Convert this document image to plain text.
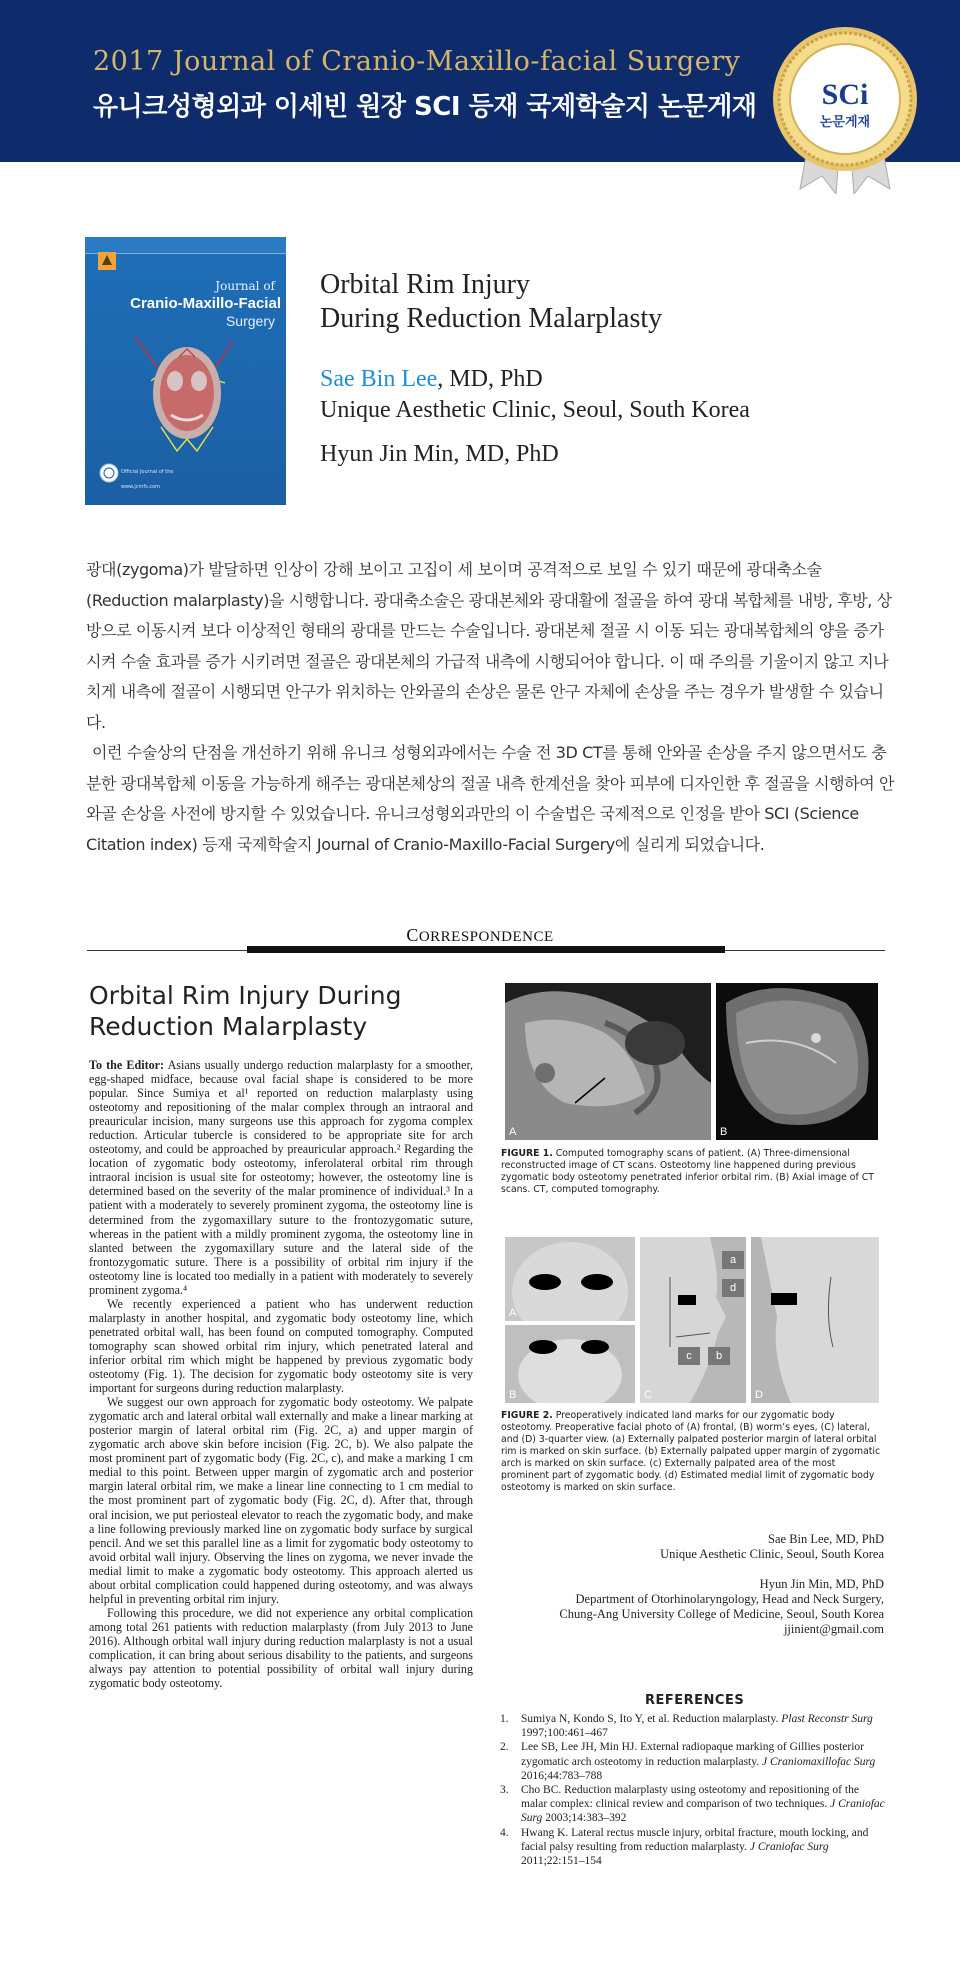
2017 Journal of Cranio-Maxillo-facial Surgery
유니크성형외과 이세빈 원장 SCI 등재 국제학술지 논문게재 SCi
논문게재
Journal of
Cranio-Maxillo-Facial
Surgery
Official Journal of the
www.jcmfs.com
Orbital Rim Injury
During Reduction Malarplasty
Sae Bin Lee, MD, PhD
Unique Aesthetic Clinic, Seoul, South Korea
Hyun Jin Min, MD, PhD

광대(zygoma)가 발달하면 인상이 강해 보이고 고집이 세 보이며 공격적으로 보일 수 있기 때문에 광대축소술(Reduction malarplasty)을 시행합니다. 광대축소술은 광대본체와 광대활에 절골을 하여 광대 복합체를 내방, 후방, 상방으로 이동시켜 보다 이상적인 형태의 광대를 만드는 수술입니다. 광대본체 절골 시 이동 되는 광대복합체의 양을 증가 시켜 수술 효과를 증가 시키려면 절골은 광대본체의 가급적 내측에 시행되어야 합니다. 이 때 주의를 기울이지 않고 지나치게 내측에 절골이 시행되면 안구가 위치하는 안와골의 손상은 물론 안구 자체에 손상을 주는 경우가 발생할 수 있습니다.

이런 수술상의 단점을 개선하기 위해 유니크 성형외과에서는 수술 전 3D CT를 통해 안와골 손상을 주지 않으면서도 충분한 광대복합체 이동을 가능하게 해주는 광대본체상의 절골 내측 한계선을 찾아 피부에 디자인한 후 절골을 시행하여 안와골 손상을 사전에 방지할 수 있었습니다. 유니크성형외과만의 이 수술법은 국제적으로 인정을 받아 SCI (Science Citation index) 등재 국제학술지 Journal of Cranio-Maxillo-Facial Surgery에 실리게 되었습니다.

CORRESPONDENCE
Orbital Rim Injury During
Reduction Malarplasty

To the Editor: Asians usually undergo reduction malarplasty for a smoother, egg-shaped midface, because oval facial shape is considered to be more popular. Since Sumiya et al¹ reported on reduction malarplasty using osteotomy and repositioning of the malar complex through an intraoral and preauricular incision, many surgeons use this approach for zygoma complex reduction. Articular tubercle is considered to be appropriate site for arch osteotomy, and could be approached by preauricular approach.² Regarding the location of zygomatic body osteotomy, inferolateral orbital rim through intraoral incision is usual site for osteotomy; however, the osteotomy line is determined based on the severity of the malar prominence of individual.³ In a patient with a moderately to severely prominent zygoma, the osteotomy line is determined from the zygomaxillary suture to the frontozygomatic suture, whereas in the patient with a mildly prominent zygoma, the osteotomy line in slanted between the zygomaxillary suture and the lateral side of the frontozygomatic suture. There is a possibility of orbital rim injury if the osteotomy line is located too medially in a patient with moderately to severely prominent zygoma.⁴

We recently experienced a patient who has underwent reduction malarplasty in another hospital, and zygomatic body osteotomy line, which penetrated orbital wall, has been found on computed tomography. Computed tomography scan showed orbital rim injury, which penetrated lateral and inferior orbital rim which might be happened by previous zygomatic body osteotomy (Fig. 1). The decision for zygomatic body osteotomy site is very important for surgeons during reduction malarplasty.

We suggest our own approach for zygomatic body osteotomy. We palpate zygomatic arch and lateral orbital wall externally and make a linear marking at posterior margin of lateral orbital rim (Fig. 2C, a) and upper margin of zygomatic arch above skin before incision (Fig. 2C, b). We also palpate the most prominent part of zygomatic body (Fig. 2C, c), and make a marking 1 cm medial to this point. Between upper margin of zygomatic arch and posterior margin lateral orbital rim, we make a linear line connecting to 1 cm medial to the most prominent part of zygomatic body (Fig. 2C, d). After that, through oral incision, we put periosteal elevator to reach the zygomatic body, and make a line following previously marked line on zygomatic body surface by surgical pencil. And we set this parallel line as a limit for zygomatic body osteotomy to avoid orbital wall injury. Observing the lines on zygoma, we never invade the medial limit to make a zygomatic body osteotomy. This approach alerted us about orbital complication could happened during osteotomy, and was always helpful in preventing orbital rim injury.

Following this procedure, we did not experience any orbital complication among total 261 patients with reduction malarplasty (from July 2013 to June 2016). Although orbital wall injury during reduction malarplasty is not a usual complication, it can bring about serious disability to the patients, and surgeons always pay attention to potential possibility of orbital wall injury during zygomatic body osteotomy.

A	B
FIGURE 1. Computed tomography scans of patient. (A) Three-dimensional reconstructed image of CT scans. Osteotomy line happened during previous zygomatic body osteotomy penetrated inferior orbital rim. (B) Axial image of CT scans. CT, computed tomography.
A
B
a
d
c	b
C	D
FIGURE 2. Preoperatively indicated land marks for our zygomatic body osteotomy. Preoperative facial photo of (A) frontal, (B) worm’s eyes, (C) lateral, and (D) 3-quarter view. (a) Externally palpated posterior margin of lateral orbital rim is marked on skin surface. (b) Externally palpated upper margin of zygomatic arch is marked on skin surface. (c) Externally palpated area of the most prominent part of zygomatic body. (d) Estimated medial limit of zygomatic body osteotomy is marked on skin surface.
Sae Bin Lee, MD, PhD
Unique Aesthetic Clinic, Seoul, South Korea
Hyun Jin Min, MD, PhD
Department of Otorhinolaryngology, Head and Neck Surgery,
Chung-Ang University College of Medicine, Seoul, South Korea
jjinient@gmail.com
REFERENCES
1. Sumiya N, Kondo S, Ito Y, et al. Reduction malarplasty. Plast Reconstr Surg 1997;100:461–467
2. Lee SB, Lee JH, Min HJ. External radiopaque marking of Gillies posterior zygomatic arch osteotomy in reduction malarplasty. J Craniomaxillofac Surg 2016;44:783–788
3. Cho BC. Reduction malarplasty using osteotomy and repositioning of the malar complex: clinical review and comparison of two techniques. J Craniofac Surg 2003;14:383–392
4. Hwang K. Lateral rectus muscle injury, orbital fracture, mouth locking, and facial palsy resulting from reduction malarplasty. J Craniofac Surg 2011;22:151–154
